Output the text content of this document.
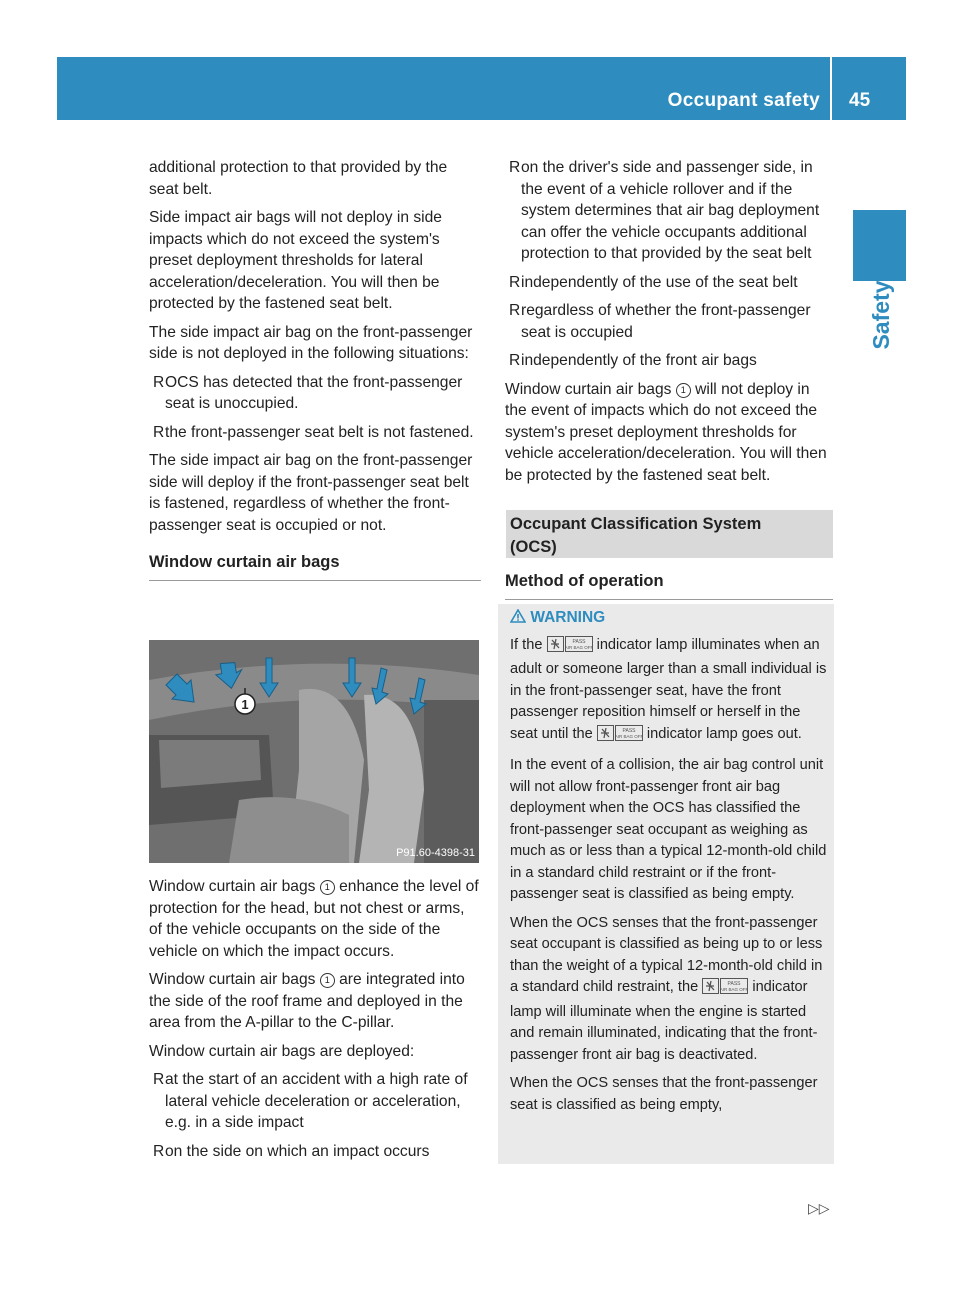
Occupant safety 45
Safety

additional protection to that provided by the seat belt.

Side impact air bags will not deploy in side impacts which do not exceed the system's preset deployment thresholds for lateral acceleration/deceleration. You will then be protected by the fastened seat belt.

The side impact air bag on the front-passenger side is not deployed in the following situations:

R OCS has detected that the front-passenger seat is unoccupied.
R the front-passenger seat belt is not fastened.

The side impact air bag on the front-passenger side will deploy if the front-passenger seat belt is fastened, regardless of whether the front-passenger seat is occupied or not.

Window curtain air bags
1
P91.60-4398-31

Window curtain air bags 1 enhance the level of protection for the head, but not chest or arms, of the vehicle occupants on the side of the vehicle on which the impact occurs.

Window curtain air bags 1 are integrated into the side of the roof frame and deployed in the area from the A-pillar to the C-pillar.

Window curtain air bags are deployed:

R at the start of an accident with a high rate of lateral vehicle deceleration or acceleration, e.g. in a side impact
R on the side on which an impact occurs
R on the driver's side and passenger side, in the event of a vehicle rollover and if the system determines that air bag deployment can offer the vehicle occupants additional protection to that provided by the seat belt
R independently of the use of the seat belt
R regardless of whether the front-passenger seat is occupied
R independently of the front air bags

Window curtain air bags 1 will not deploy in the event of impacts which do not exceed the system's preset deployment thresholds for vehicle acceleration/deceleration. You will then be protected by the fastened seat belt.

Occupant Classification System (OCS)
Method of operation
WARNING

If the	PASS
AIR BAG OFF indicator lamp illuminates when an adult or someone larger than a small individual is in the front-passenger seat, have the front passenger reposition himself or herself in the seat until the	PASS
AIR BAG OFF indicator lamp goes out.

In the event of a collision, the air bag control unit will not allow front-passenger front air bag deployment when the OCS has classified the front-passenger seat occupant as weighing as much as or less than a typical 12-month-old child in a standard child restraint or if the front-passenger seat is classified as being empty.

When the OCS senses that the front-passenger seat occupant is classified as being up to or less than the weight of a typical 12-month-old child in a standard child restraint, the	PASS
AIR BAG OFF indicator lamp will illuminate when the engine is started and remain illuminated, indicating that the front-passenger front air bag is deactivated.

When the OCS senses that the front-passenger seat is classified as being empty,

▷▷
